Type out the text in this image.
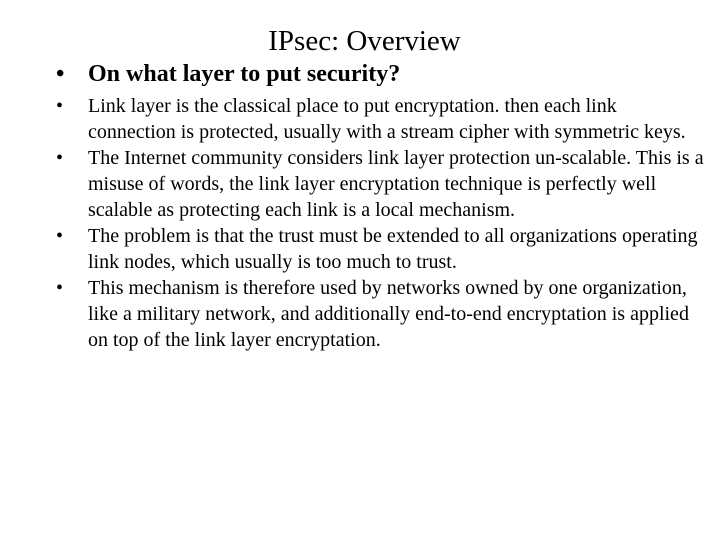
IPsec: Overview
• On what layer to put security?
• Link layer is the classical place to put encryptation. then each link connection is protected, usually with a stream cipher with symmetric keys.
• The Internet community considers link layer protection un-scalable. This is a misuse of words, the link layer encryptation technique is perfectly well scalable as protecting each link is a local mechanism.
• The problem is that the trust must be extended to all organizations operating link nodes, which usually is too much to trust.
• This mechanism is therefore used by networks owned by one organization, like a military network, and additionally end-to-end encryptation is applied on top of the link layer encryptation.
